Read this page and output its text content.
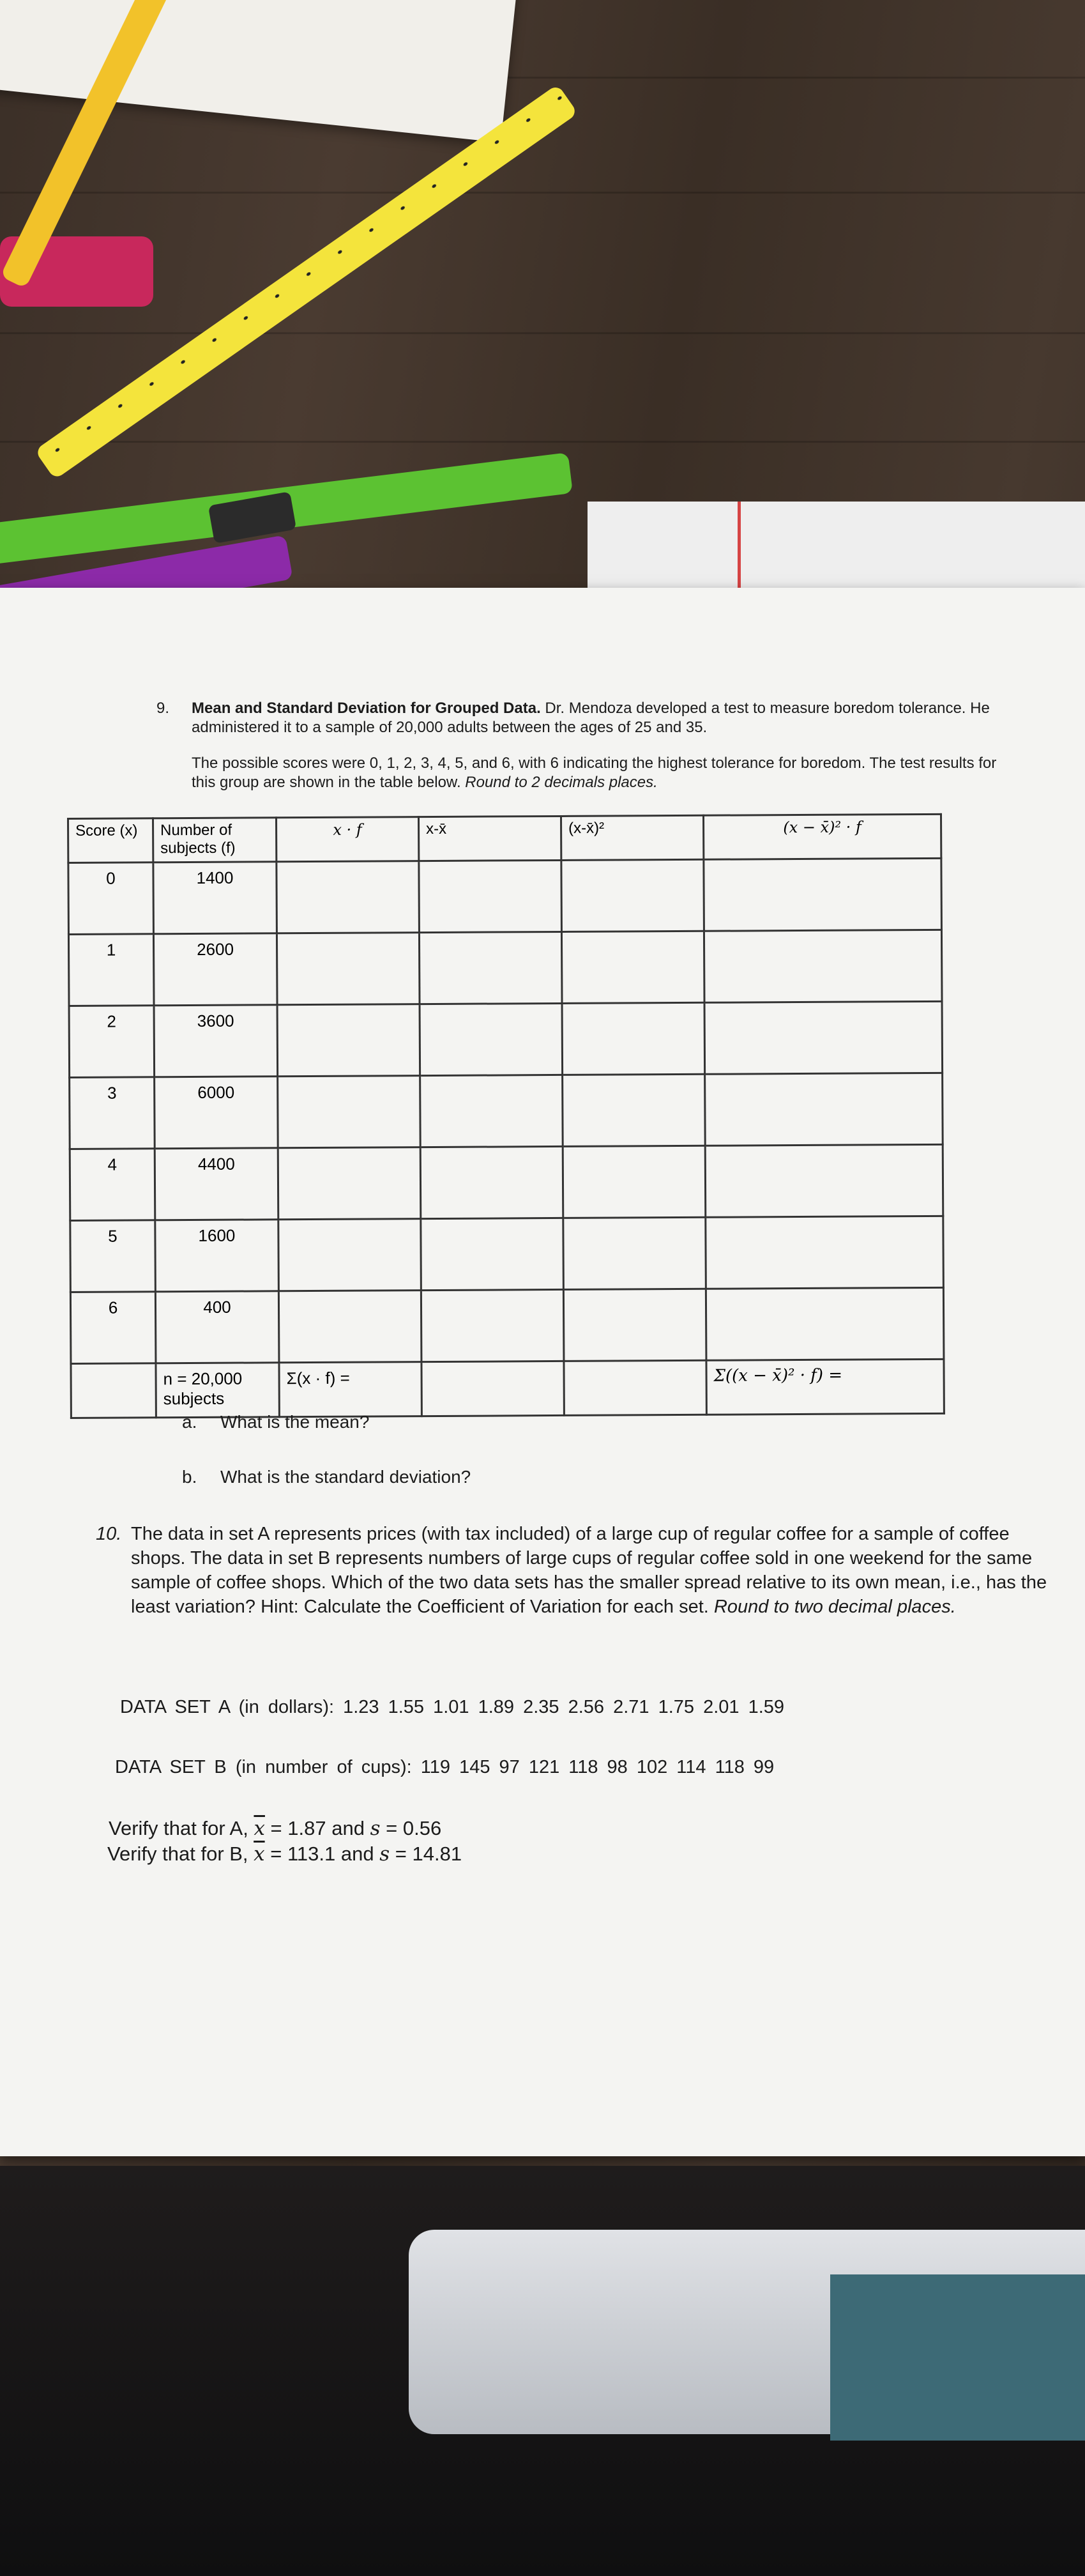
9. Mean and Standard Deviation for Grouped Data. Dr. Mendoza developed a test to measure boredom tolerance. He administered it to a sample of 20,000 adults between the ages of 25 and 35.
The possible scores were 0, 1, 2, 3, 4, 5, and 6, with 6 indicating the highest tolerance for boredom. The test results for this group are shown in the table below. Round to 2 decimals places.
Score (x)	Number of subjects (f)	x · f	x-x̄	(x-x̄)²	(x − x̄)² · f
0	1400				
1	2600				
2	3600				
3	6000				
4	4400				
5	1600				
6	400				
	n = 20,000 subjects	Σ(x · f) =			Σ((x − x̄)² · f) =
a. What is the mean?
b. What is the standard deviation?
10. The data in set A represents prices (with tax included) of a large cup of regular coffee for a sample of coffee shops. The data in set B represents numbers of large cups of regular coffee sold in one weekend for the same sample of coffee shops. Which of the two data sets has the smaller spread relative to its own mean, i.e., has the least variation? Hint: Calculate the Coefficient of Variation for each set. Round to two decimal places.
DATA SET A (in dollars): 1.23 1.55 1.01 1.89 2.35 2.56 2.71 1.75 2.01 1.59
DATA SET B (in number of cups): 119 145 97 121 118 98 102 114 118 99
Verify that for A, $\overline{x} = 1.87$ and s = 0.56
Verify that for B, $\overline{x} = 113.1$ and s = 14.81
